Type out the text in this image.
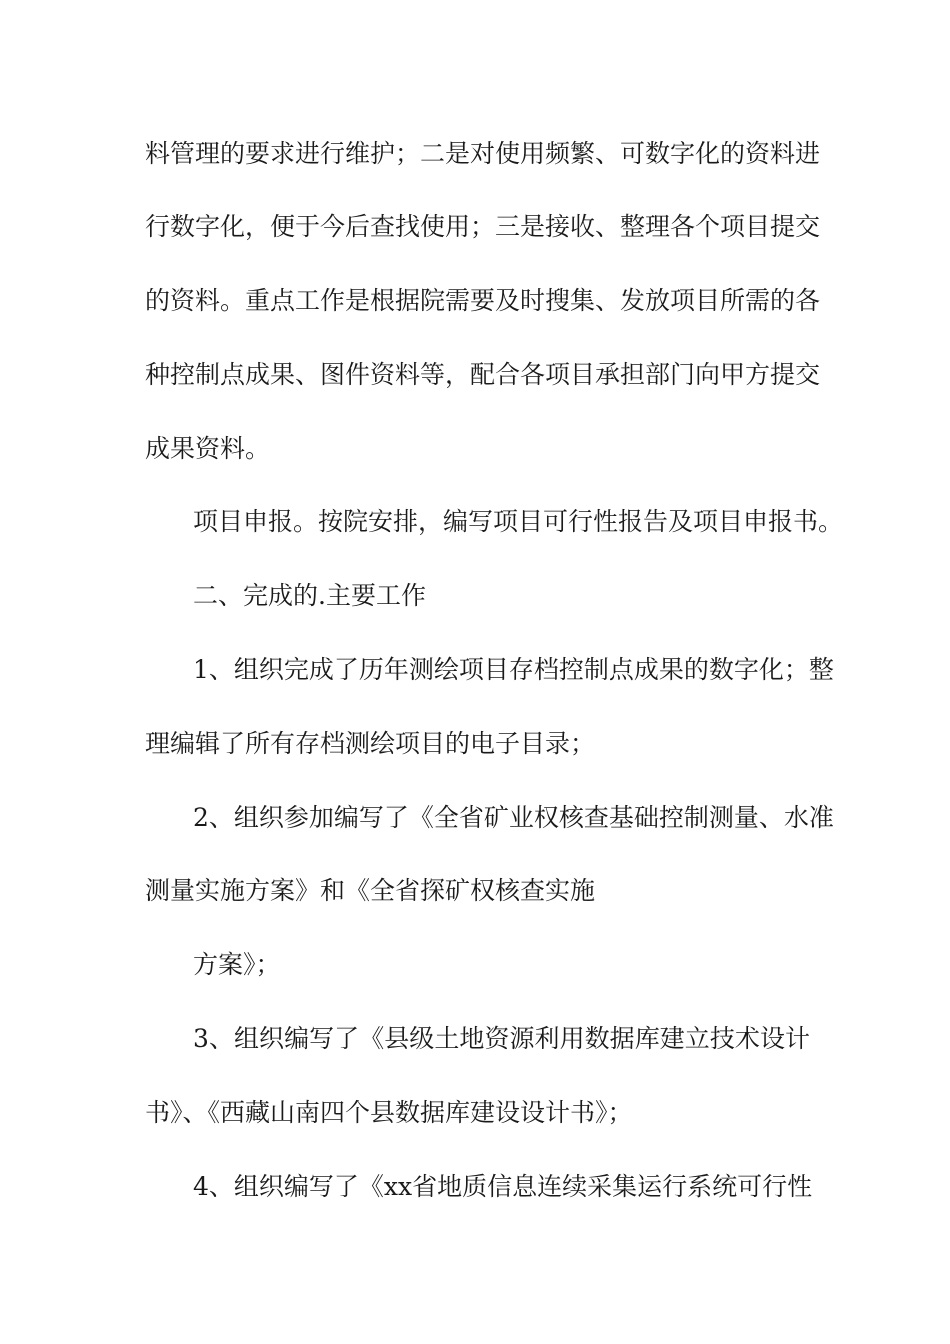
料管理的要求进行维护；二是对使用频繁、可数字化的资料进
行数字化，便于今后查找使用；三是接收、整理各个项目提交
的资料。重点工作是根据院需要及时搜集、发放项目所需的各
种控制点成果、图件资料等，配合各项目承担部门向甲方提交
成果资料。
项目申报。按院安排，编写项目可行性报告及项目申报书。
二、完成的.主要工作
1、组织完成了历年测绘项目存档控制点成果的数字化；整
理编辑了所有存档测绘项目的电子目录；
2、组织参加编写了《全省矿业权核查基础控制测量、水准
测量实施方案》和《全省探矿权核查实施
方案》；
3、组织编写了《县级土地资源利用数据库建立技术设计
书》、《西藏山南四个县数据库建设设计书》；
4、组织编写了《xx省地质信息连续采集运行系统可行性
